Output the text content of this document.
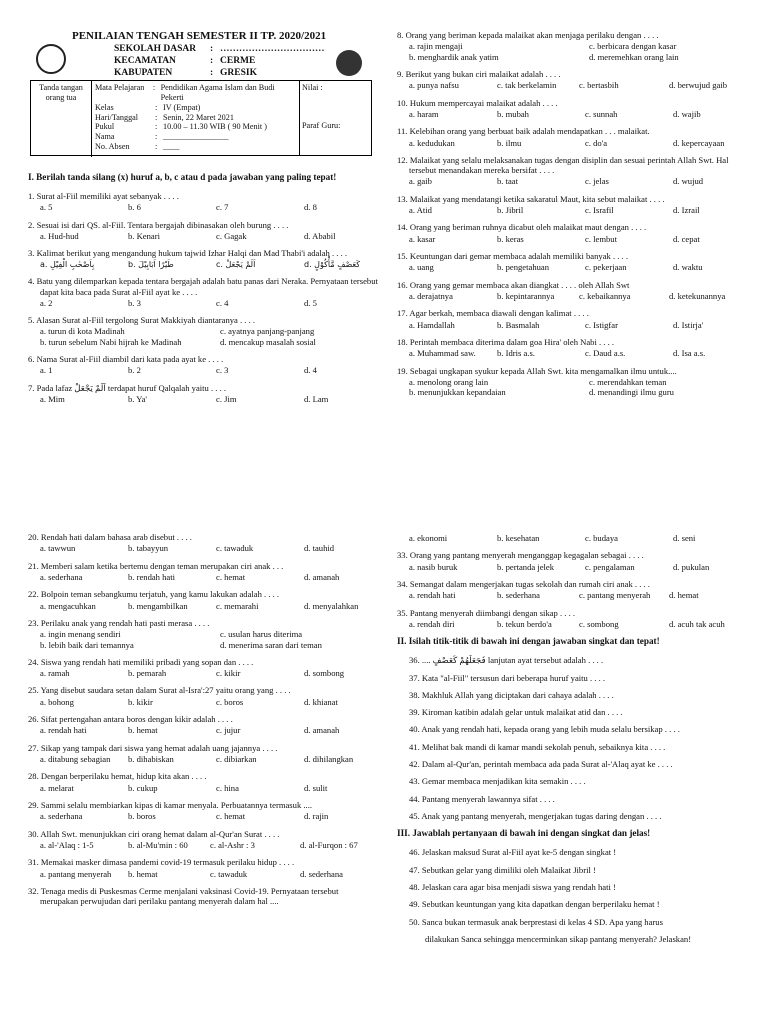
PENILAIAN TENGAH SEMESTER II TP. 2020/2021
SEKOLAH DASAR	: ……………………………
KECAMATAN	: CERME
KABUPATEN	: GRESIK
Tanda tangan orang tua
Mata Pelajaran	: Pendidikan Agama Islam dan Budi Pekerti
Kelas	: IV (Empat)
Hari/Tanggal	: Senin, 22 Maret 2021
Pukul	: 10.00 – 11.30 WIB ( 90 Menit )
Nama	: ________________
No. Absen	: ____
Nilai :
Paraf Guru:
I. Berilah tanda silang (x) huruf a, b, c atau d pada jawaban yang paling tepat!
1. Surat al-Fiil memiliki ayat sebanyak . . . .
a. 5	b. 6	c. 7	d. 8
2. Sesuai isi dari QS. al-Fiil. Tentara bergajah dibinasakan oleh burung . . . .
a. Hud-hud	b. Kenari	c. Gagak	d. Ababil
3. Kalimat berikut yang mengandung hukum tajwid Izhar Halqi dan Mad Thabi'i adalah . . . .
a. بِاَصْحٰبِ الْفِيْلِ	b. طَيْرًا اَبَابِيْلَ	c. اَلَمْ يَجْعَلْ	d. كَعَصْفٍ مَّأْكُوْلٍ
4. Batu yang dilemparkan kepada tentara bergajah adalah batu panas dari Neraka. Pernyataan tersebut dapat kita baca pada Surat al-Fiil ayat ke . . . .
a. 2	b. 3	c. 4	d. 5
5. Alasan Surat al-Fiil tergolong Surat Makkiyah diantaranya . . . .
a. turun di kota Madinah	c. ayatnya panjang-panjang
b. turun sebelum Nabi hijrah ke Madinah	d. mencakup masalah sosial
6. Nama Surat al-Fiil diambil dari kata pada ayat ke . . . .
a. 1	b. 2	c. 3	d. 4
7. Pada lafaz اَلَمْ يَجْعَلْ terdapat huruf Qalqalah yaitu . . . .
a. Mim	b. Ya'	c. Jim	d. Lam
8. Orang yang beriman kepada malaikat akan menjaga perilaku dengan . . . .
a. rajin mengaji	c. berbicara dengan kasar
b. menghardik anak yatim	d. meremehkan orang lain
9. Berikut yang bukan ciri malaikat adalah . . . .
a. punya nafsu	c. tak berkelamin	c. bertasbih	d. berwujud gaib
10. Hukum mempercayai malaikat adalah . . . .
a. haram	b. mubah	c. sunnah	d. wajib
11. Kelebihan orang yang berbuat baik adalah mendapatkan . . . malaikat.
a. kedudukan	b. ilmu	c. do'a	d. kepercayaan
12. Malaikat yang selalu melaksanakan tugas dengan disiplin dan sesuai perintah Allah Swt. Hal tersebut menandakan mereka bersifat . . . .
a. gaib	b. taat	c. jelas	d. wujud
13. Malaikat yang mendatangi ketika sakaratul Maut, kita sebut malaikat . . . .
a. Atid	b. Jibril	c. Israfil	d. Izrail
14. Orang yang beriman ruhnya dicabut oleh malaikat maut dengan . . . .
a. kasar	b. keras	c. lembut	d. cepat
15. Keuntungan dari gemar membaca adalah memiliki banyak . . . .
a. uang	b. pengetahuan	c. pekerjaan	d. waktu
16. Orang yang gemar membaca akan diangkat . . . . oleh Allah Swt
a. derajatnya	b. kepintarannya	c. kebaikannya	d. ketekunannya
17. Agar berkah, membaca diawali dengan kalimat . . . .
a. Hamdallah	b. Basmalah	c. Istigfar	d. Istirja'
18. Perintah membaca diterima dalam goa Hira' oleh Nabi . . . .
a. Muhammad saw.	b. Idris a.s.	c. Daud a.s.	d. Isa a.s.
19. Sebagai ungkapan syukur kepada Allah Swt. kita mengamalkan ilmu untuk....
a. menolong orang lain	c. merendahkan teman
b. menunjukkan kepandaian	d. menandingi ilmu guru
20. Rendah hati dalam bahasa arab disebut . . . .
a. tawwun	b. tabayyun	c. tawaduk	d. tauhid
21. Memberi salam ketika bertemu dengan teman merupakan ciri anak . . .
a. sederhana	b. rendah hati	c. hemat	d. amanah
22. Bolpoin teman sebangkumu terjatuh, yang kamu lakukan adalah . . . .
a. mengacuhkan	b. mengambilkan	c. memarahi	d. menyalahkan
23. Perilaku anak yang rendah hati pasti merasa . . . .
a. ingin menang sendiri	c. usulan harus diterima
b. lebih baik dari temannya	d. menerima saran dari teman
24. Siswa yang rendah hati memiliki pribadi yang sopan dan . . . .
a. ramah	b. pemarah	c. kikir	d. sombong
25. Yang disebut saudara setan dalam Surat al-Isra':27 yaitu orang yang . . . .
a. bohong	b. kikir	c. boros	d. khianat
26. Sifat pertengahan antara boros dengan kikir adalah . . . .
a. rendah hati	b. hemat	c. jujur	d. amanah
27. Sikap yang tampak dari siswa yang hemat adalah uang jajannya . . . .
a. ditabung sebagian	b. dihabiskan	c. dibiarkan	d. dihilangkan
28. Dengan berperilaku hemat, hidup kita akan . . . .
a. melarat	b. cukup	c. hina	d. sulit
29. Sammi selalu membiarkan kipas di kamar menyala. Perbuatannya termasuk ....
a. sederhana	b. boros	c. hemat	d. rajin
30. Allah Swt. menunjukkan ciri orang hemat dalam al-Qur'an Surat . . . .
a. al-'Alaq : 1-5	b. al-Mu'min : 60	c. al-Ashr : 3	d. al-Furqon : 67
31. Memakai masker dimasa pandemi covid-19 termasuk perilaku hidup . . . .
a. pantang menyerah	b. hemat	c. tawaduk	d. sederhana
32. Tenaga medis di Puskesmas Cerme menjalani vaksinasi Covid-19. Pernyataan tersebut merupakan perwujudan dari perilaku pantang menyerah dalam hal ....
a. ekonomi	b. kesehatan	c. budaya	d. seni
33. Orang yang pantang menyerah menganggap kegagalan sebagai . . . .
a. nasib buruk	b. pertanda jelek	c. pengalaman	d. pukulan
34. Semangat dalam mengerjakan tugas sekolah dan rumah ciri anak . . . .
a. rendah hati	b. sederhana	c. pantang menyerah	d. hemat
35. Pantang menyerah diimbangi dengan sikap . . . .
a. rendah diri	b. tekun berdo'a	c. sombong	d. acuh tak acuh
II. Isilah titik-titik di bawah ini dengan jawaban singkat dan tepat!
36. .... فَجَعَلَهُمْ كَعَصْفٍ lanjutan ayat tersebut adalah . . . .
37. Kata "al-Fiil" tersusun dari beberapa huruf yaitu . . . .
38. Makhluk Allah yang diciptakan dari cahaya adalah . . . .
39. Kiroman katibin adalah gelar untuk malaikat atid dan . . . .
40. Anak yang rendah hati, kepada orang yang lebih muda selalu bersikap . . . .
41. Melihat bak mandi di kamar mandi sekolah penuh, sebaiknya kita . . . .
42. Dalam al-Qur'an, perintah membaca ada pada Surat al-'Alaq ayat ke . . . .
43. Gemar membaca menjadikan kita semakin . . . .
44. Pantang menyerah lawannya sifat . . . .
45. Anak yang pantang menyerah, mengerjakan tugas daring dengan . . . .
III. Jawablah pertanyaan di bawah ini dengan singkat dan jelas!
46. Jelaskan maksud Surat al-Fiil ayat ke-5 dengan singkat !
47. Sebutkan gelar yang dimiliki oleh Malaikat Jibril !
48. Jelaskan cara agar bisa menjadi siswa yang rendah hati !
49. Sebutkan keuntungan yang kita dapatkan dengan berperilaku hemat !
50. Sanca bukan termasuk anak berprestasi di kelas 4 SD. Apa yang harus
dilakukan Sanca sehingga mencerminkan sikap pantang menyerah? Jelaskan!
